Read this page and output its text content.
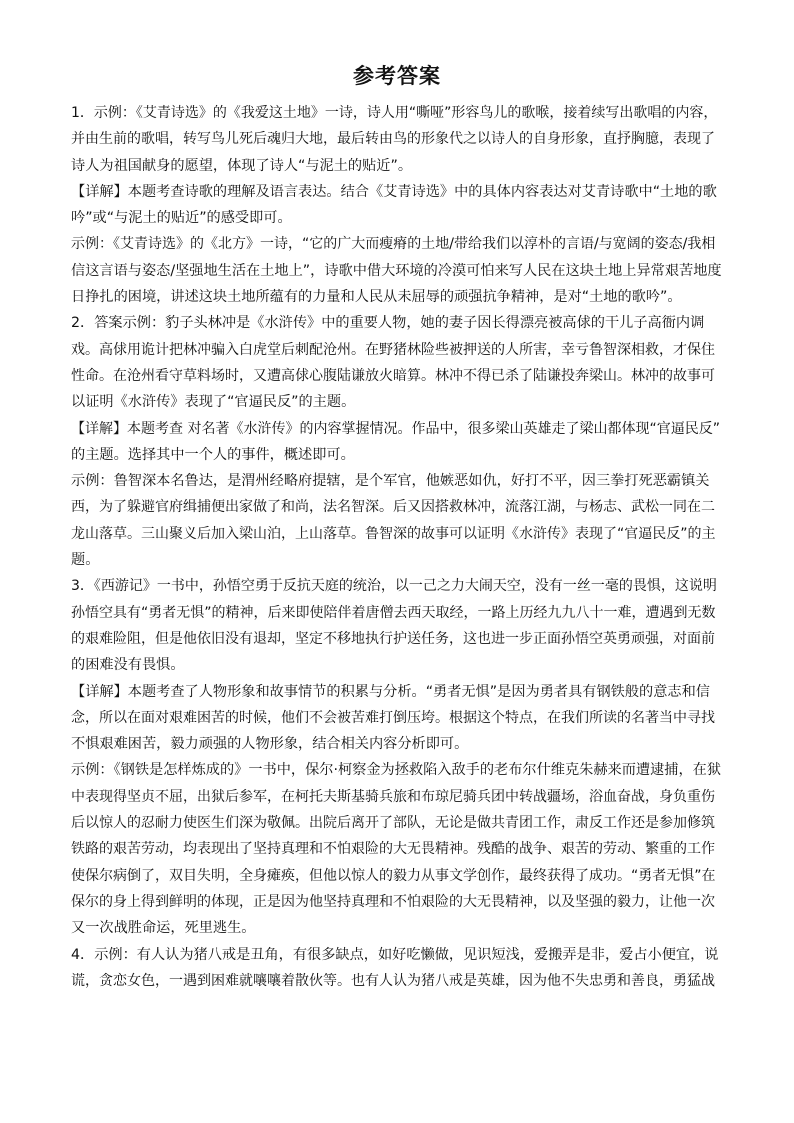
参考答案
1．示例：《艾青诗选》的《我爱这土地》一诗，诗人用“嘶哑”形容鸟儿的歌喉，接着续写出歌唱的内容，
并由生前的歌唱，转写鸟儿死后魂归大地，最后转由鸟的形象代之以诗人的自身形象，直抒胸臆，表现了
诗人为祖国献身的愿望，体现了诗人“与泥土的贴近”。
【详解】本题考查诗歌的理解及语言表达。结合《艾青诗选》中的具体内容表达对艾青诗歌中“土地的歌
吟”或“与泥土的贴近”的感受即可。
示例：《艾青诗选》的《北方》一诗，“它的广大而瘦瘠的土地/带给我们以淳朴的言语/与宽阔的姿态/我相
信这言语与姿态/坚强地生活在土地上”，诗歌中借大环境的冷漠可怕来写人民在这块土地上异常艰苦地度
日挣扎的困境，讲述这块土地所蕴有的力量和人民从未屈辱的顽强抗争精神，是对“土地的歌吟”。
2．答案示例：豹子头林冲是《水浒传》中的重要人物，她的妻子因长得漂亮被高俅的干儿子高衙内调
戏。高俅用诡计把林冲骗入白虎堂后刺配沧州。在野猪林险些被押送的人所害，幸亏鲁智深相救，才保住
性命。在沧州看守草料场时，又遭高俅心腹陆谦放火暗算。林冲不得已杀了陆谦投奔梁山。林冲的故事可
以证明《水浒传》表现了“官逼民反”的主题。
【详解】本题考查 对名著《水浒传》的内容掌握情况。作品中，很多梁山英雄走了梁山都体现“官逼民反”
的主题。选择其中一个人的事件，概述即可。
示例：鲁智深本名鲁达，是渭州经略府提辖，是个军官，他嫉恶如仇，好打不平，因三拳打死恶霸镇关
西，为了躲避官府缉捕便出家做了和尚，法名智深。后又因搭救林冲，流落江湖，与杨志、武松一同在二
龙山落草。三山聚义后加入梁山泊，上山落草。鲁智深的故事可以证明《水浒传》表现了“官逼民反”的主
题。
3．《西游记》一书中，孙悟空勇于反抗天庭的统治，以一己之力大闹天空，没有一丝一毫的畏惧，这说明
孙悟空具有“勇者无惧”的精神，后来即使陪伴着唐僧去西天取经，一路上历经九九八十一难，遭遇到无数
的艰难险阻，但是他依旧没有退却，坚定不移地执行护送任务，这也进一步正面孙悟空英勇顽强，对面前
的困难没有畏惧。
【详解】本题考查了人物形象和故事情节的积累与分析。“勇者无惧”是因为勇者具有钢铁般的意志和信
念，所以在面对艰难困苦的时候，他们不会被苦难打倒压垮。根据这个特点，在我们所读的名著当中寻找
不惧艰难困苦，毅力顽强的人物形象，结合相关内容分析即可。
示例：《钢铁是怎样炼成的》一书中，保尔·柯察金为拯救陷入敌手的老布尔什维克朱赫来而遭逮捕，在狱
中表现得坚贞不屈，出狱后参军，在柯托夫斯基骑兵旅和布琼尼骑兵团中转战疆场，浴血奋战，身负重伤
后以惊人的忍耐力使医生们深为敬佩。出院后离开了部队，无论是做共青团工作，肃反工作还是参加修筑
铁路的艰苦劳动，均表现出了坚持真理和不怕艰险的大无畏精神。残酷的战争、艰苦的劳动、繁重的工作
使保尔病倒了，双目失明，全身瘫痪，但他以惊人的毅力从事文学创作，最终获得了成功。“勇者无惧”在
保尔的身上得到鲜明的体现，正是因为他坚持真理和不怕艰险的大无畏精神，以及坚强的毅力，让他一次
又一次战胜命运，死里逃生。
4．示例：有人认为猪八戒是丑角，有很多缺点，如好吃懒做，见识短浅，爱搬弄是非，爱占小便宜，说
谎，贪恋女色，一遇到困难就嚷嚷着散伙等。也有人认为猪八戒是英雄，因为他不失忠勇和善良，勇猛战
